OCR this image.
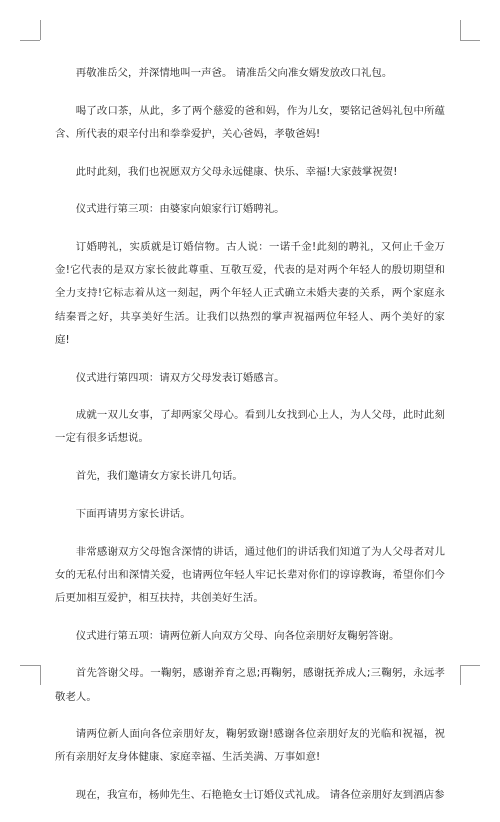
再敬准岳父，并深情地叫一声爸。 请准岳父向准女婿发放改口礼包。

喝了改口茶，从此，多了两个慈爱的爸和妈，作为儿女，要铭记爸妈礼包中所蕴含、所代表的艰辛付出和拳拳爱护，关心爸妈，孝敬爸妈!

此时此刻，我们也祝愿双方父母永远健康、快乐、幸福!大家鼓掌祝贺!

仪式进行第三项：由婆家向娘家行订婚聘礼。

订婚聘礼，实质就是订婚信物。古人说：一诺千金!此刻的聘礼，又何止千金万金!它代表的是双方家长彼此尊重、互敬互爱，代表的是对两个年轻人的殷切期望和全力支持!它标志着从这一刻起，两个年轻人正式确立未婚夫妻的关系，两个家庭永结秦晋之好，共享美好生活。让我们以热烈的掌声祝福两位年轻人、两个美好的家庭!

仪式进行第四项：请双方父母发表订婚感言。

成就一双儿女事，了却两家父母心。看到儿女找到心上人，为人父母，此时此刻一定有很多话想说。

首先，我们邀请女方家长讲几句话。

下面再请男方家长讲话。

非常感谢双方父母饱含深情的讲话，通过他们的讲话我们知道了为人父母者对儿女的无私付出和深情关爱，也请两位年轻人牢记长辈对你们的谆谆教诲，希望你们今后更加相互爱护，相互扶持，共创美好生活。

仪式进行第五项：请两位新人向双方父母、向各位亲朋好友鞠躬答谢。

首先答谢父母。一鞠躬，感谢养育之恩;再鞠躬，感谢抚养成人;三鞠躬，永远孝敬老人。

请两位新人面向各位亲朋好友，鞠躬致谢!感谢各位亲朋好友的光临和祝福，祝所有亲朋好友身体健康、家庭幸福、生活美满、万事如意!

现在，我宣布，杨帅先生、石艳艳女士订婚仪式礼成。 请各位亲朋好友到酒店参
